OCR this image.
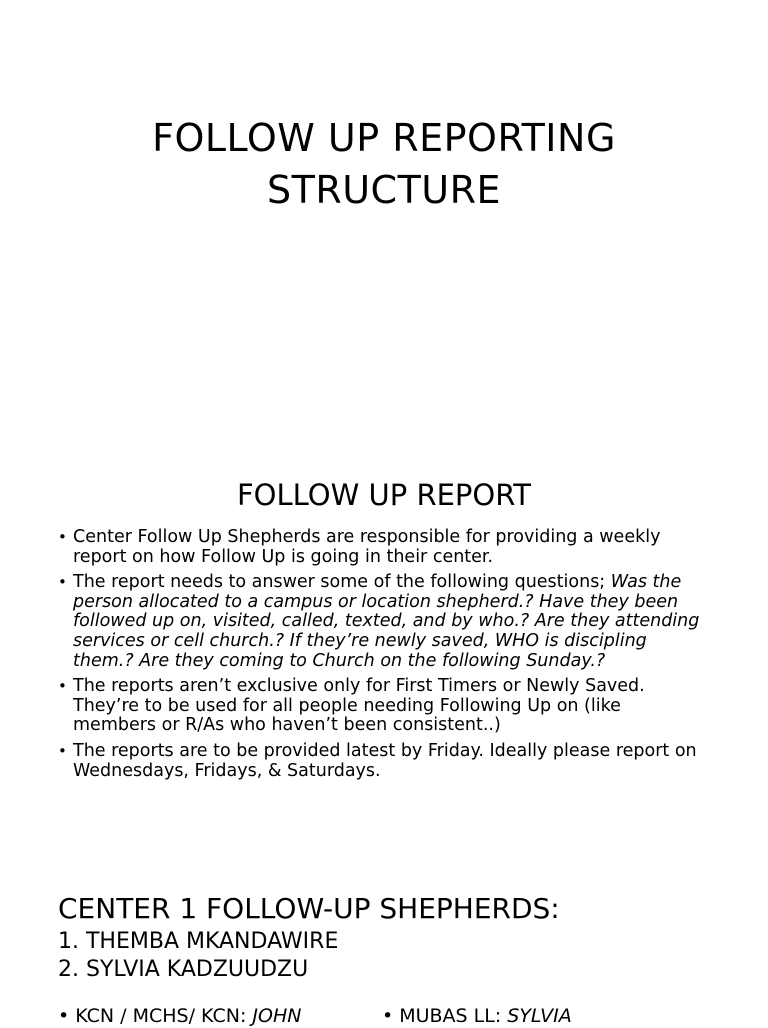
FOLLOW UP REPORTING
STRUCTURE
FOLLOW UP REPORT
• Center Follow Up Shepherds are responsible for providing a weekly report on how Follow Up is going in their center.
• The report needs to answer some of the following questions; Was the person allocated to a campus or location shepherd.? Have they been followed up on, visited, called, texted, and by who.? Are they attending services or cell church.? If they’re newly saved, WHO is discipling them.? Are they coming to Church on the following Sunday.?
• The reports aren’t exclusive only for First Timers or Newly Saved. They’re to be used for all people needing Following Up on (like members or R/As who haven’t been consistent..)
• The reports are to be provided latest by Friday. Ideally please report on Wednesdays, Fridays, & Saturdays.
CENTER 1 FOLLOW-UP SHEPHERDS:
1. THEMBA MKANDAWIRE
2. SYLVIA KADZUUDZU
• KCN / MCHS/ KCN: JOHN	• MUBAS LL: SYLVIA
